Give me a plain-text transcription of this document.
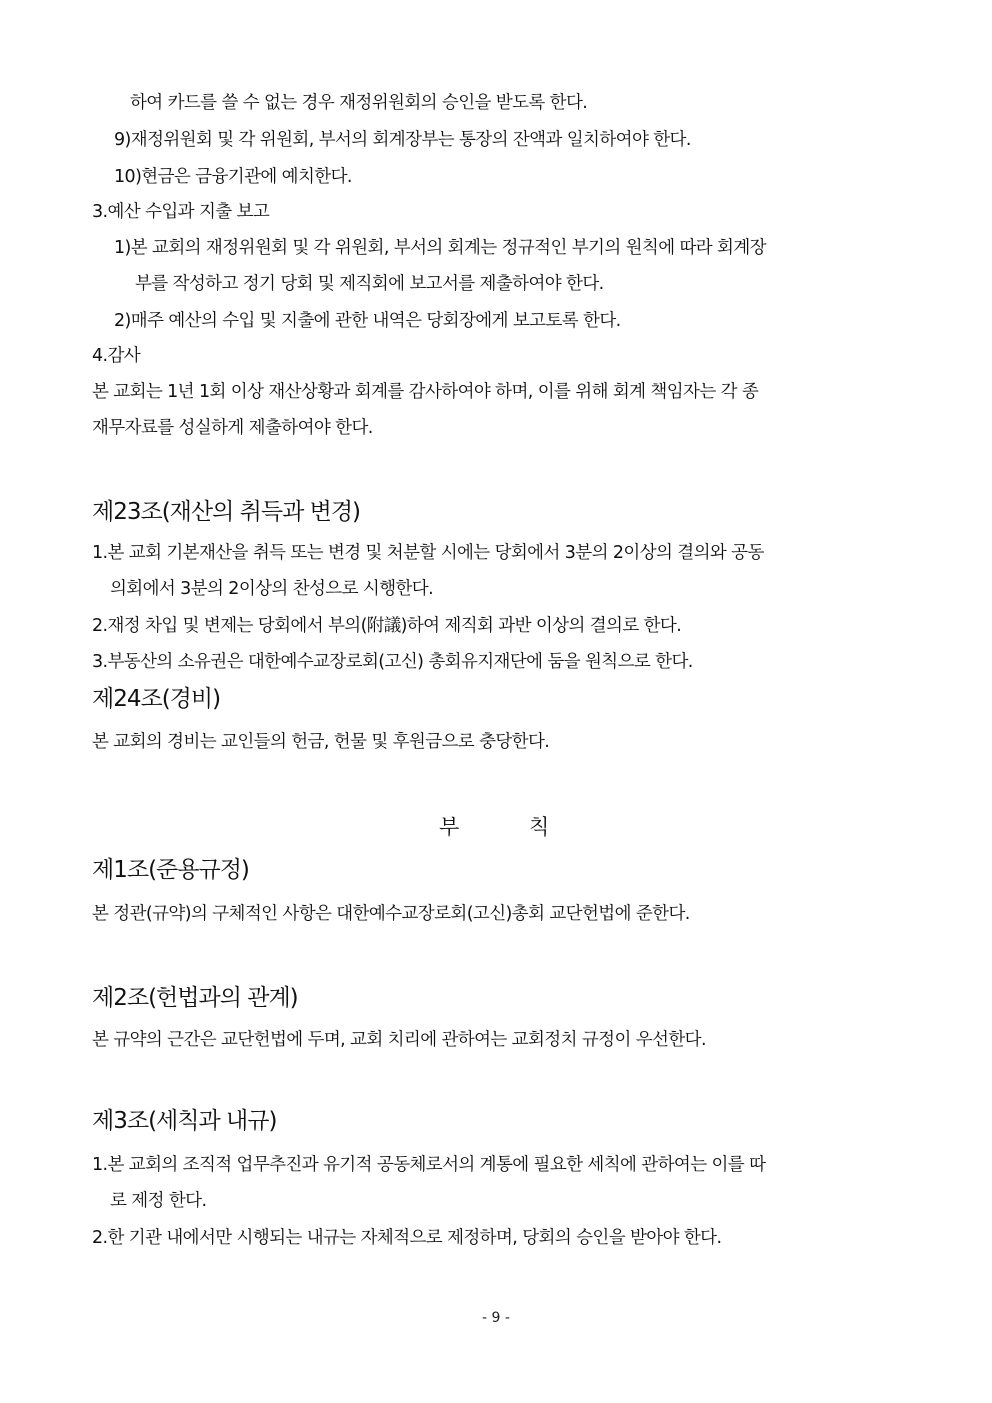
하여 카드를 쓸 수 없는 경우 재정위원회의 승인을 받도록 한다.
9)재정위원회 및 각 위원회, 부서의 회계장부는 통장의 잔액과 일치하여야 한다.
10)현금은 금융기관에 예치한다.
3.예산 수입과 지출 보고
1)본 교회의 재정위원회 및 각 위원회, 부서의 회계는 정규적인 부기의 원칙에 따라 회계장
부를 작성하고 정기 당회 및 제직회에 보고서를 제출하여야 한다.
2)매주 예산의 수입 및 지출에 관한 내역은 당회장에게 보고토록 한다.
4.감사
본 교회는 1년 1회 이상 재산상황과 회계를 감사하여야 하며, 이를 위해 회계 책임자는 각 종
재무자료를 성실하게 제출하여야 한다.
제23조(재산의 취득과 변경)
1.본 교회 기본재산을 취득 또는 변경 및 처분할 시에는 당회에서 3분의 2이상의 결의와 공동
의회에서 3분의 2이상의 찬성으로 시행한다.
2.재정 차입 및 변제는 당회에서 부의(附議)하여 제직회 과반 이상의 결의로 한다.
3.부동산의 소유권은 대한예수교장로회(고신) 총회유지재단에 둠을 원칙으로 한다.
제24조(경비)
본 교회의 경비는 교인들의 헌금, 헌물 및 후원금으로 충당한다.
부	칙
제1조(준용규정)
본 정관(규약)의 구체적인 사항은 대한예수교장로회(고신)총회 교단헌법에 준한다.
제2조(헌법과의 관계)
본 규약의 근간은 교단헌법에 두며, 교회 치리에 관하여는 교회정치 규정이 우선한다.
제3조(세칙과 내규)
1.본 교회의 조직적 업무추진과 유기적 공동체로서의 계통에 필요한 세칙에 관하여는 이를 따
로 제정 한다.
2.한 기관 내에서만 시행되는 내규는 자체적으로 제정하며, 당회의 승인을 받아야 한다.
- 9 -
